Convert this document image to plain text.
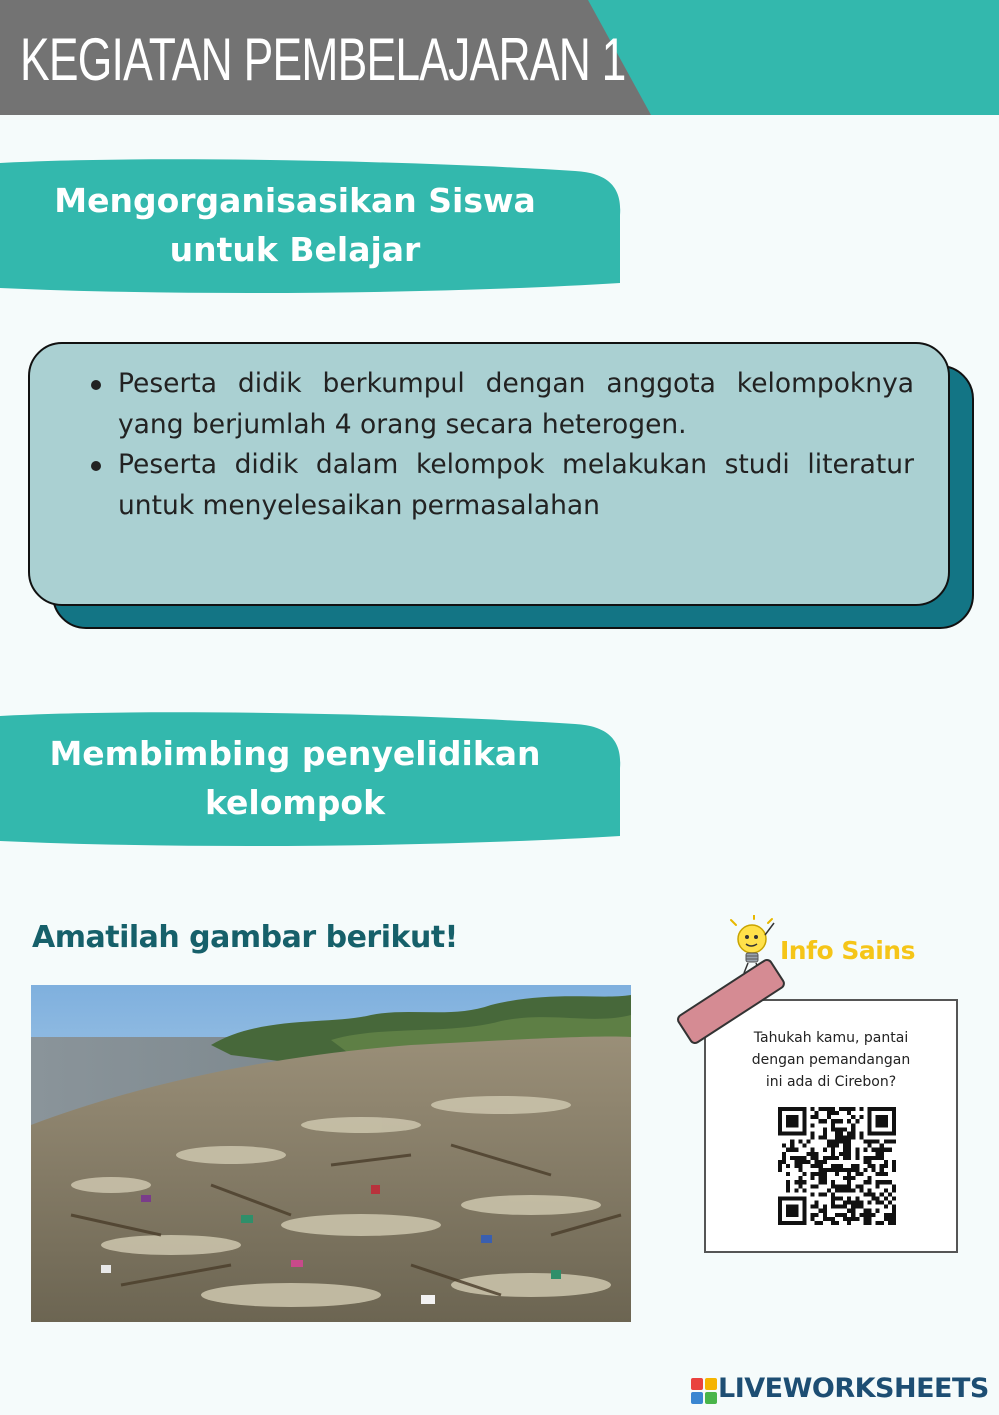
KEGIATAN PEMBELAJARAN 1
Mengorganisasikan Siswa
untuk Belajar
Peserta didik berkumpul dengan anggota kelompoknya yang berjumlah 4 orang secara heterogen.
Peserta didik dalam kelompok melakukan studi literatur untuk menyelesaikan permasalahan
Membimbing penyelidikan
kelompok
Amatilah gambar berikut!	Info Sains
Tahukah kamu, pantai
dengan pemandangan
ini ada di Cirebon?
LIVEWORKSHEETS
